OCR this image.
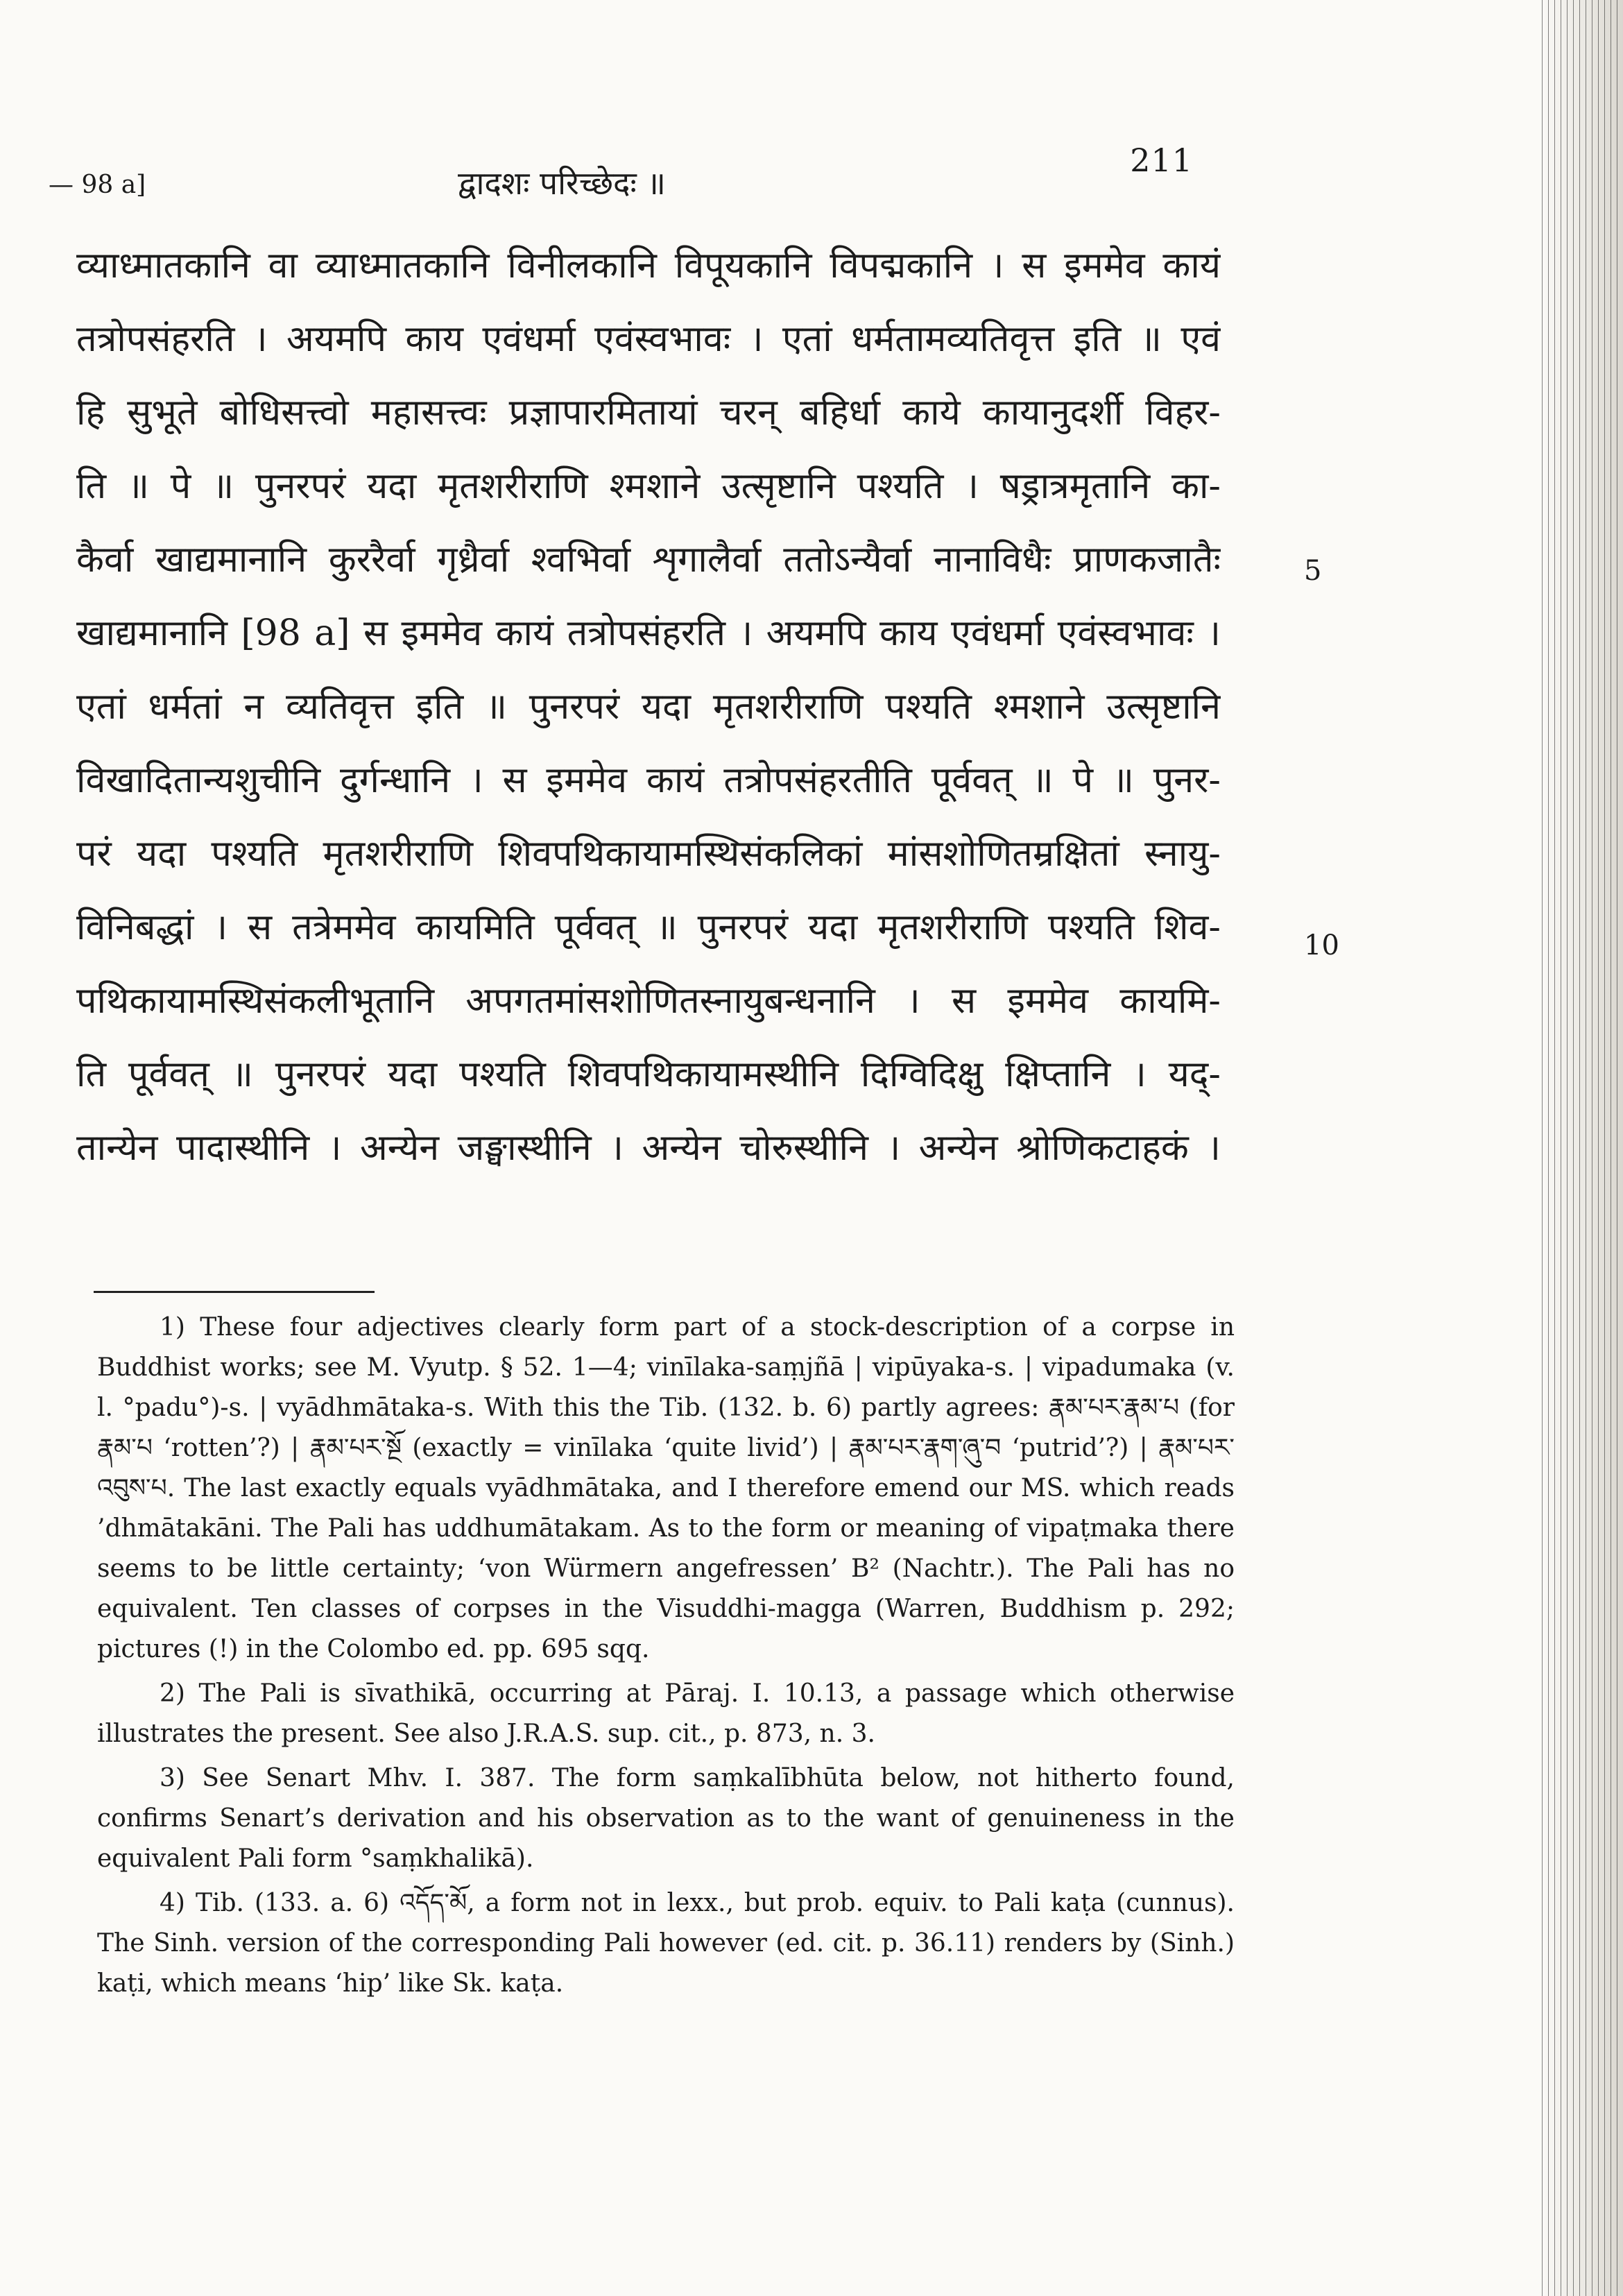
— 98 a]	द्वादशः परिच्छेदः ॥
211
व्याध्मातकानि वा व्याध्मातकानि विनीलकानि विपूयकानि विपद्मकानि । स इममेव कायं
तत्रोपसंहरति । अयमपि काय एवंधर्मा एवंस्वभावः । एतां धर्मतामव्यतिवृत्त इति ॥ एवं
हि सुभूते बोधिसत्त्वो महासत्त्वः प्रज्ञापारमितायां चरन् बहिर्धा काये कायानुदर्शी विहर-
ति ॥ पे ॥ पुनरपरं यदा मृतशरीराणि श्मशाने उत्सृष्टानि पश्यति । षड्रात्रमृतानि का-
कैर्वा खाद्यमानानि कुररैर्वा गृध्रैर्वा श्वभिर्वा शृगालैर्वा ततोऽन्यैर्वा नानाविधैः प्राणकजातैः
खाद्यमानानि [98 a] स इममेव कायं तत्रोपसंहरति । अयमपि काय एवंधर्मा एवंस्वभावः ।
एतां धर्मतां न व्यतिवृत्त इति ॥ पुनरपरं यदा मृतशरीराणि पश्यति श्मशाने उत्सृष्टानि
विखादितान्यशुचीनि दुर्गन्धानि । स इममेव कायं तत्रोपसंहरतीति पूर्ववत् ॥ पे ॥ पुनर-
परं यदा पश्यति मृतशरीराणि शिवपथिकायामस्थिसंकलिकां मांसशोणितम्रक्षितां स्नायु-
विनिबद्धां । स तत्रेममेव कायमिति पूर्ववत् ॥ पुनरपरं यदा मृतशरीराणि पश्यति शिव-
पथिकायामस्थिसंकलीभूतानि अपगतमांसशोणितस्नायुबन्धनानि । स इममेव कायमि-
ति पूर्ववत् ॥ पुनरपरं यदा पश्यति शिवपथिकायामस्थीनि दिग्विदिक्षु क्षिप्तानि । यद्-
तान्येन पादास्थीनि । अन्येन जङ्घास्थीनि । अन्येन चोरुस्थीनि । अन्येन श्रोणिकटाहकं ।
5
10

1) These four adjectives clearly form part of a stock-description of a corpse in Buddhist works; see M. Vyutp. § 52. 1—4; vinīlaka-saṃjñā | vipūyaka-s. | vipadumaka (v. l. °padu°)-s. | vyādhmātaka-s. With this the Tib. (132. b. 6) partly agrees: རྣམ་པར་རྣམ་པ (for རྣམ་པ ‘rotten’?) | རྣམ་པར་སྔོ (exactly = vinīlaka ‘quite livid’) | རྣམ་པར་རྣག་ཞུ་བ ‘putrid’?) | རྣམ་པར་འབུས་པ. The last exactly equals vyādhmātaka, and I therefore emend our MS. which reads ’dhmātakāni. The Pali has uddhumātakam. As to the form or meaning of vipaṭmaka there seems to be little certainty; ‘von Würmern angefressen’ B² (Nachtr.). The Pali has no equivalent. Ten classes of corpses in the Visuddhi-magga (Warren, Buddhism p. 292; pictures (!) in the Colombo ed. pp. 695 sqq.

2) The Pali is sīvathikā, occurring at Pāraj. I. 10.13, a passage which otherwise illustrates the present. See also J.R.A.S. sup. cit., p. 873, n. 3.

3) See Senart Mhv. I. 387. The form saṃkalībhūta below, not hitherto found, confirms Senart’s derivation and his observation as to the want of genuineness in the equivalent Pali form °saṃkhalikā).

4) Tib. (133. a. 6) འདོད་མོ, a form not in lexx., but prob. equiv. to Pali kaṭa (cunnus). The Sinh. version of the corresponding Pali however (ed. cit. p. 36.11) renders by (Sinh.) kaṭi, which means ‘hip’ like Sk. kaṭa.
